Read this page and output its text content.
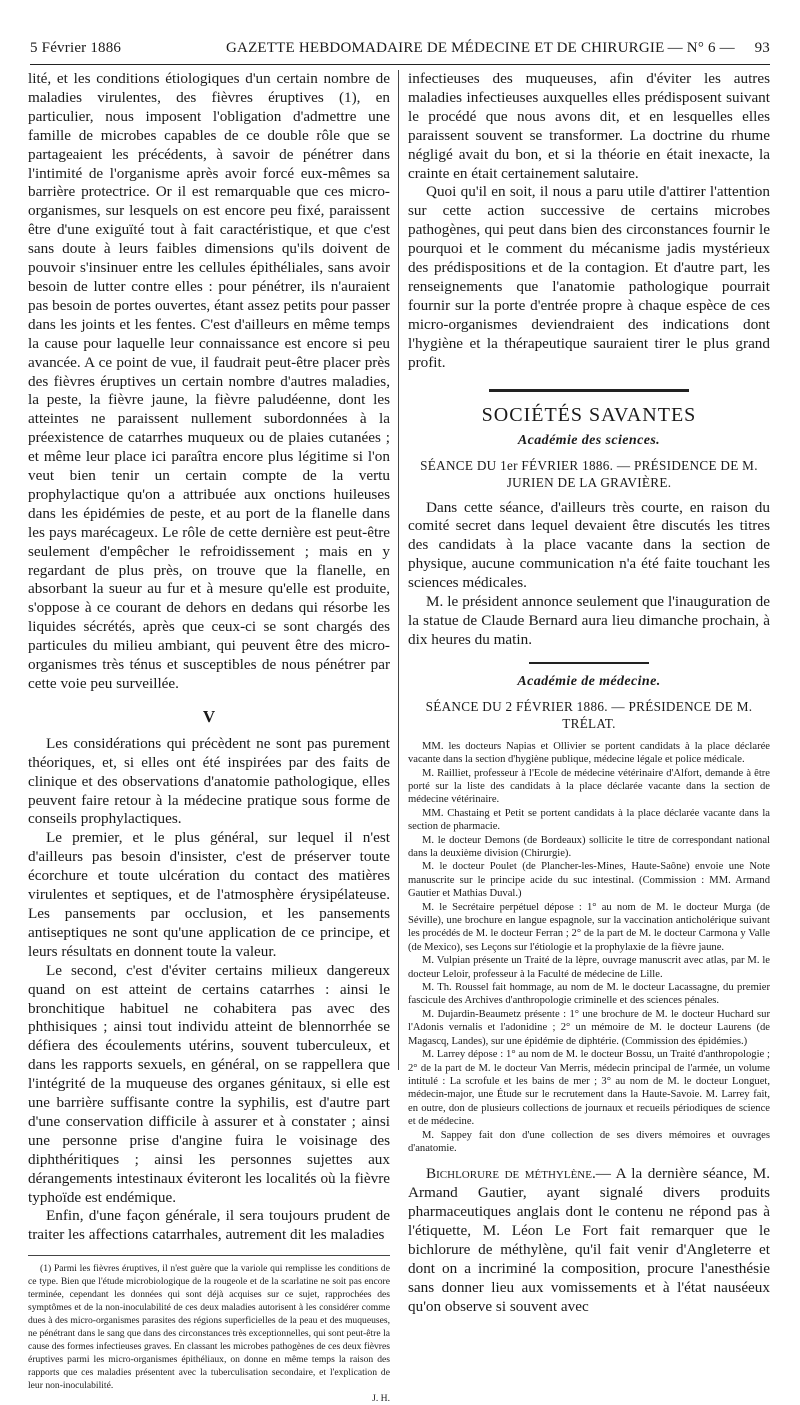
5 Février 1886	GAZETTE HEBDOMADAIRE DE MÉDECINE ET DE CHIRURGIE — N° 6 — 93

lité, et les conditions étiologiques d'un certain nombre de maladies virulentes, des fièvres éruptives (1), en particulier, nous imposent l'obligation d'admettre une famille de microbes capables de ce double rôle que se partageaient les précédents, à savoir de pénétrer dans l'intimité de l'organisme après avoir forcé eux-mêmes sa barrière protectrice. Or il est remarquable que ces micro-organismes, sur lesquels on est encore peu fixé, paraissent être d'une exiguïté tout à fait caractéristique, et que c'est sans doute à leurs faibles dimensions qu'ils doivent de pouvoir s'insinuer entre les cellules épithéliales, sans avoir besoin de lutter contre elles : pour pénétrer, ils n'auraient pas besoin de portes ouvertes, étant assez petits pour passer dans les joints et les fentes. C'est d'ailleurs en même temps la cause pour laquelle leur connaissance est encore si peu avancée. A ce point de vue, il faudrait peut-être placer près des fièvres éruptives un certain nombre d'autres maladies, la peste, la fièvre jaune, la fièvre paludéenne, dont les atteintes ne paraissent nullement subordonnées à la préexistence de catarrhes muqueux ou de plaies cutanées ; et même leur place ici paraîtra encore plus légitime si l'on veut bien tenir un certain compte de la vertu prophylactique qu'on a attribuée aux onctions huileuses dans les épidémies de peste, et au port de la flanelle dans les pays marécageux. Le rôle de cette dernière est peut-être seulement d'empêcher le refroidissement ; mais en y regardant de plus près, on trouve que la flanelle, en absorbant la sueur au fur et à mesure qu'elle est produite, s'oppose à ce courant de dehors en dedans qui résorbe les liquides sécrétés, après que ceux-ci se sont chargés des particules du milieu ambiant, qui peuvent être des micro-organismes très ténus et susceptibles de nous pénétrer par cette voie peu surveillée.

V

Les considérations qui précèdent ne sont pas purement théoriques, et, si elles ont été inspirées par des faits de clinique et des observations d'anatomie pathologique, elles peuvent faire retour à la médecine pratique sous forme de conseils prophylactiques.

Le premier, et le plus général, sur lequel il n'est d'ailleurs pas besoin d'insister, c'est de préserver toute écorchure et toute ulcération du contact des matières virulentes et septiques, et de l'atmosphère érysipélateuse. Les pansements par occlusion, et les pansements antiseptiques ne sont qu'une application de ce principe, et leurs résultats en donnent toute la valeur.

Le second, c'est d'éviter certains milieux dangereux quand on est atteint de certains catarrhes : ainsi le bronchitique habituel ne cohabitera pas avec des phthisiques ; ainsi tout individu atteint de blennorrhée se défiera des écoulements utérins, souvent tuberculeux, et dans les rapports sexuels, en général, on se rappellera que l'intégrité de la muqueuse des organes génitaux, si elle est une barrière suffisante contre la syphilis, est d'autre part d'une conservation difficile à assurer et à constater ; ainsi une personne prise d'angine fuira le voisinage des diphthéritiques ; ainsi les personnes sujettes aux dérangements intestinaux éviteront les localités où la fièvre typhoïde est endémique.

Enfin, d'une façon générale, il sera toujours prudent de traiter les affections catarrhales, autrement dit les maladies

(1) Parmi les fièvres éruptives, il n'est guère que la variole qui remplisse les conditions de ce type. Bien que l'étude microbiologique de la rougeole et de la scarlatine ne soit pas encore terminée, cependant les données qui sont déjà acquises sur ce sujet, rapprochées des symptômes et de la non-inoculabilité de ces deux maladies autorisent à les considérer comme dues à des micro-organismes parasites des régions superficielles de la peau et des muqueuses, ne pénétrant dans le sang que dans des circonstances très exceptionnelles, qui sont peut-être la cause des formes infectieuses graves. En classant les microbes pathogènes de ces deux fièvres éruptives parmi les micro-organismes épithéliaux, on donne en même temps la raison des rapports que ces maladies présentent avec la tuberculisation secondaire, et l'explication de leur non-inoculabilité.

J. H.

infectieuses des muqueuses, afin d'éviter les autres maladies infectieuses auxquelles elles prédisposent suivant le procédé que nous avons dit, et en lesquelles elles paraissent souvent se transformer. La doctrine du rhume négligé avait du bon, et si la théorie en était inexacte, la crainte en était certainement salutaire.

Quoi qu'il en soit, il nous a paru utile d'attirer l'attention sur cette action successive de certains microbes pathogènes, qui peut dans bien des circonstances fournir le pourquoi et le comment du mécanisme jadis mystérieux des prédispositions et de la contagion. Et d'autre part, les renseignements que l'anatomie pathologique pourrait fournir sur la porte d'entrée propre à chaque espèce de ces micro-organismes deviendraient des indications dont l'hygiène et la thérapeutique sauraient tirer le plus grand profit.

SOCIÉTÉS SAVANTES
Académie des sciences.
SÉANCE DU 1er FÉVRIER 1886. — PRÉSIDENCE DE M. JURIEN DE LA GRAVIÈRE.

Dans cette séance, d'ailleurs très courte, en raison du comité secret dans lequel devaient être discutés les titres des candidats à la place vacante dans la section de physique, aucune communication n'a été faite touchant les sciences médicales.

M. le président annonce seulement que l'inauguration de la statue de Claude Bernard aura lieu dimanche prochain, à dix heures du matin.

Académie de médecine.
SÉANCE DU 2 FÉVRIER 1886. — PRÉSIDENCE DE M. TRÉLAT.

MM. les docteurs Napias et Ollivier se portent candidats à la place déclarée vacante dans la section d'hygiène publique, médecine légale et police médicale.

M. Railliet, professeur à l'Ecole de médecine vétérinaire d'Alfort, demande à être porté sur la liste des candidats à la place déclarée vacante dans la section de médecine vétérinaire.

MM. Chastaing et Petit se portent candidats à la place déclarée vacante dans la section de pharmacie.

M. le docteur Demons (de Bordeaux) sollicite le titre de correspondant national dans la deuxième division (Chirurgie).

M. le docteur Poulet (de Plancher-les-Mines, Haute-Saône) envoie une Note manuscrite sur le principe acide du suc intestinal. (Commission : MM. Armand Gautier et Mathias Duval.)

M. le Secrétaire perpétuel dépose : 1° au nom de M. le docteur Murga (de Séville), une brochure en langue espagnole, sur la vaccination anticholérique suivant les procédés de M. le docteur Ferran ; 2° de la part de M. le docteur Carmona y Valle (de Mexico), ses Leçons sur l'étiologie et la prophylaxie de la fièvre jaune.

M. Vulpian présente un Traité de la lèpre, ouvrage manuscrit avec atlas, par M. le docteur Leloir, professeur à la Faculté de médecine de Lille.

M. Th. Roussel fait hommage, au nom de M. le docteur Lacassagne, du premier fascicule des Archives d'anthropologie criminelle et des sciences pénales.

M. Dujardin-Beaumetz présente : 1° une brochure de M. le docteur Huchard sur l'Adonis vernalis et l'adonidine ; 2° un mémoire de M. le docteur Laurens (de Magascq, Landes), sur une épidémie de diphtérie. (Commission des épidémies.)

M. Larrey dépose : 1° au nom de M. le docteur Bossu, un Traité d'anthropologie ; 2° de la part de M. le docteur Van Merris, médecin principal de l'armée, un volume intitulé : La scrofule et les bains de mer ; 3° au nom de M. le docteur Longuet, médecin-major, une Étude sur le recrutement dans la Haute-Savoie. M. Larrey fait, en outre, don de plusieurs collections de journaux et recueils périodiques de science et de médecine.

M. Sappey fait don d'une collection de ses divers mémoires et ouvrages d'anatomie.

Bichlorure de méthylène.— A la dernière séance, M. Armand Gautier, ayant signalé divers produits pharmaceutiques anglais dont le contenu ne répond pas à l'étiquette, M. Léon Le Fort fait remarquer que le bichlorure de méthylène, qu'il fait venir d'Angleterre et dont on a incriminé la composition, procure l'anesthésie sans donner lieu aux vomissements et à l'état nauséeux qu'on observe si souvent avec
